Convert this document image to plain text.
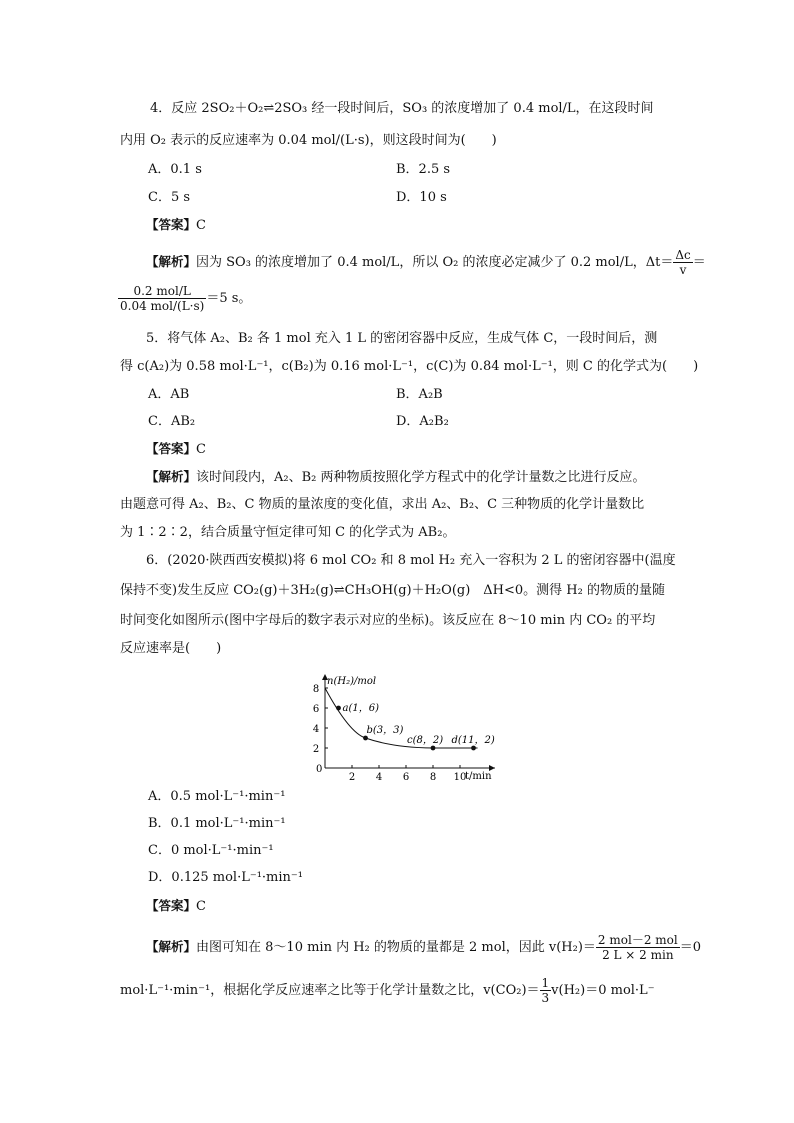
4．反应 2SO₂＋O₂⇌2SO₃ 经一段时间后，SO₃ 的浓度增加了 0.4 mol/L，在这段时间
内用 O₂ 表示的反应速率为 0.04 mol/(L·s)，则这段时间为(　　)
A．0.1 s	B．2.5 s
C．5 s	D．10 s
【答案】C
【解析】因为 SO₃ 的浓度增加了 0.4 mol/L，所以 O₂ 的浓度必定减少了 0.2 mol/L，$\Delta t= \frac{\Delta c}{v}$ ＝
$\frac{\text{0.2 mol/L}}{\text{0.04 mol/(L·s)}} =5$ s。
5．将气体 A₂、B₂ 各 1 mol 充入 1 L 的密闭容器中反应，生成气体 C，一段时间后，测
得 c(A₂)为 0.58 mol·L⁻¹，c(B₂)为 0.16 mol·L⁻¹，c(C)为 0.84 mol·L⁻¹，则 C 的化学式为(　　)
A．AB	B．A₂B
C．AB₂	D．A₂B₂
【答案】C
【解析】该时间段内，A₂、B₂ 两种物质按照化学方程式中的化学计量数之比进行反应。
由题意可得 A₂、B₂、C 物质的量浓度的变化值，求出 A₂、B₂、C 三种物质的化学计量数比
为 1∶2∶2，结合质量守恒定律可知 C 的化学式为 AB₂。
6．(2020·陕西西安模拟)将 6 mol CO₂ 和 8 mol H₂ 充入一容积为 2 L 的密闭容器中(温度
保持不变)发生反应 CO₂(g)＋3H₂(g)⇌CH₃OH(g)＋H₂O(g)　ΔH<0。测得 H₂ 的物质的量随
时间变化如图所示(图中字母后的数字表示对应的坐标)。该反应在 8～10 min 内 CO₂ 的平均
反应速率是(　　)
n(H₂)/mol
t/min
0
2 4 6 8 10
2
4
6
8
a(1，6)
b(3，3)
c(8，2) d(11，2)
A．0.5 mol·L⁻¹·min⁻¹
B．0.1 mol·L⁻¹·min⁻¹
C．0 mol·L⁻¹·min⁻¹
D．0.125 mol·L⁻¹·min⁻¹
【答案】C
【解析】由图可知在 8～10 min 内 H₂ 的物质的量都是 2 mol，因此 $v(H_2)= \frac{\text{2 mol－2 mol}}{2 L \times 2 \min} =0$
mol·L⁻¹·min⁻¹，根据化学反应速率之比等于化学计量数之比，$v(CO_2)= \frac{1}{3} v(H_2)=0$ mol·L⁻
